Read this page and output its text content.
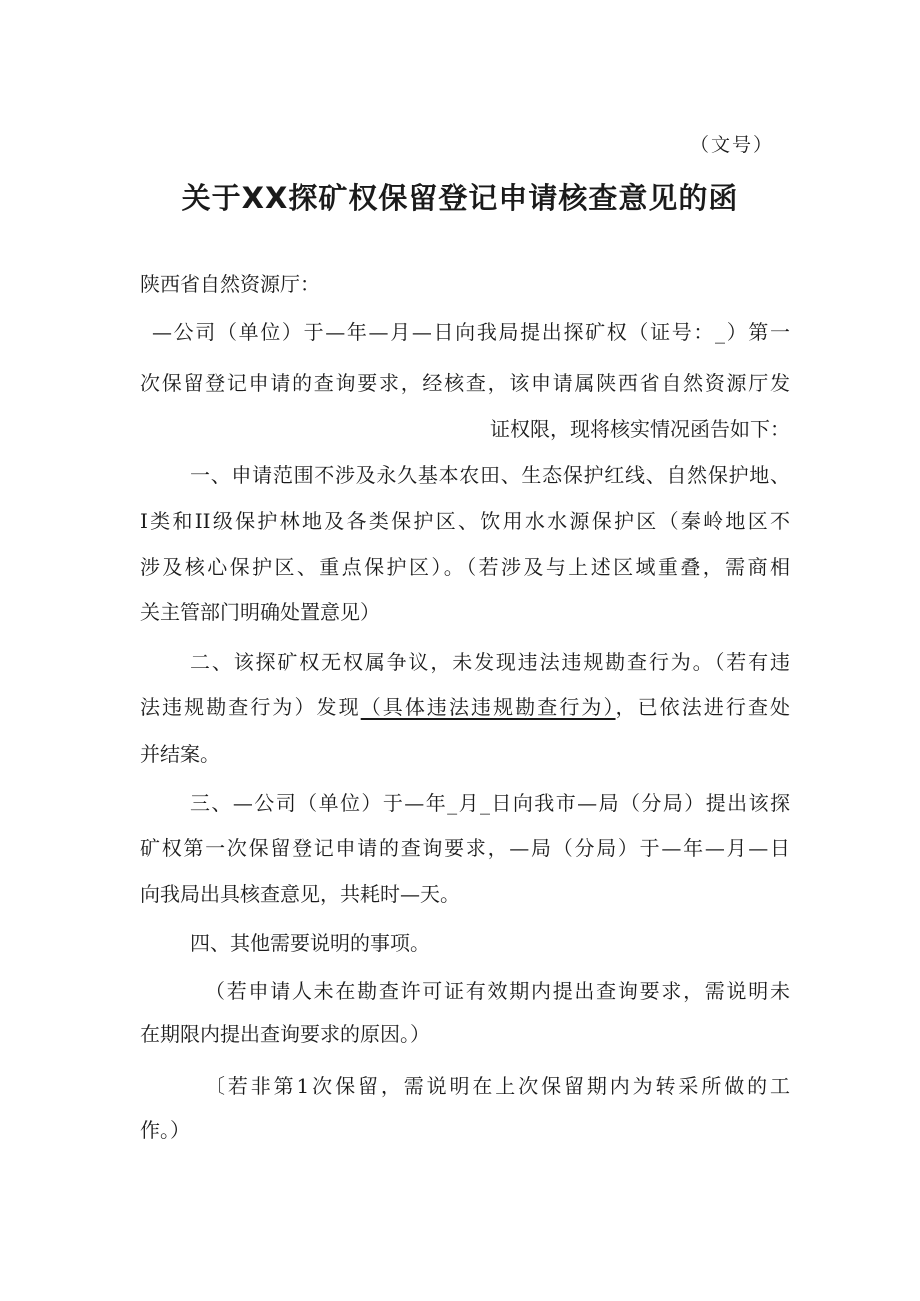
（文号）
关于XX探矿权保留登记申请核查意见的函
陕西省自然资源厅：
—公司（单位）于—年—月—日向我局提出探矿权（证号：_）第一
次保留登记申请的查询要求，经核查，该申请属陕西省自然资源厅发
证权限，现将核实情况函告如下：
一、申请范围不涉及永久基本农田、生态保护红线、自然保护地、
I类和II级保护林地及各类保护区、饮用水水源保护区（秦岭地区不
涉及核心保护区、重点保护区）。（若涉及与上述区域重叠，需商相
关主管部门明确处置意见）
二、该探矿权无权属争议，未发现违法违规勘查行为。（若有违
法违规勘查行为）发现（具体违法违规勘查行为），已依法进行查处
并结案。
三、—公司（单位）于—年_月_日向我市—局（分局）提出该探
矿权第一次保留登记申请的查询要求，—局（分局）于—年—月—日
向我局出具核查意见，共耗时—天。
四、其他需要说明的事项。
（若申请人未在勘查许可证有效期内提出查询要求，需说明未
在期限内提出查询要求的原因。）
〔若非第1次保留，需说明在上次保留期内为转采所做的工
作。）
